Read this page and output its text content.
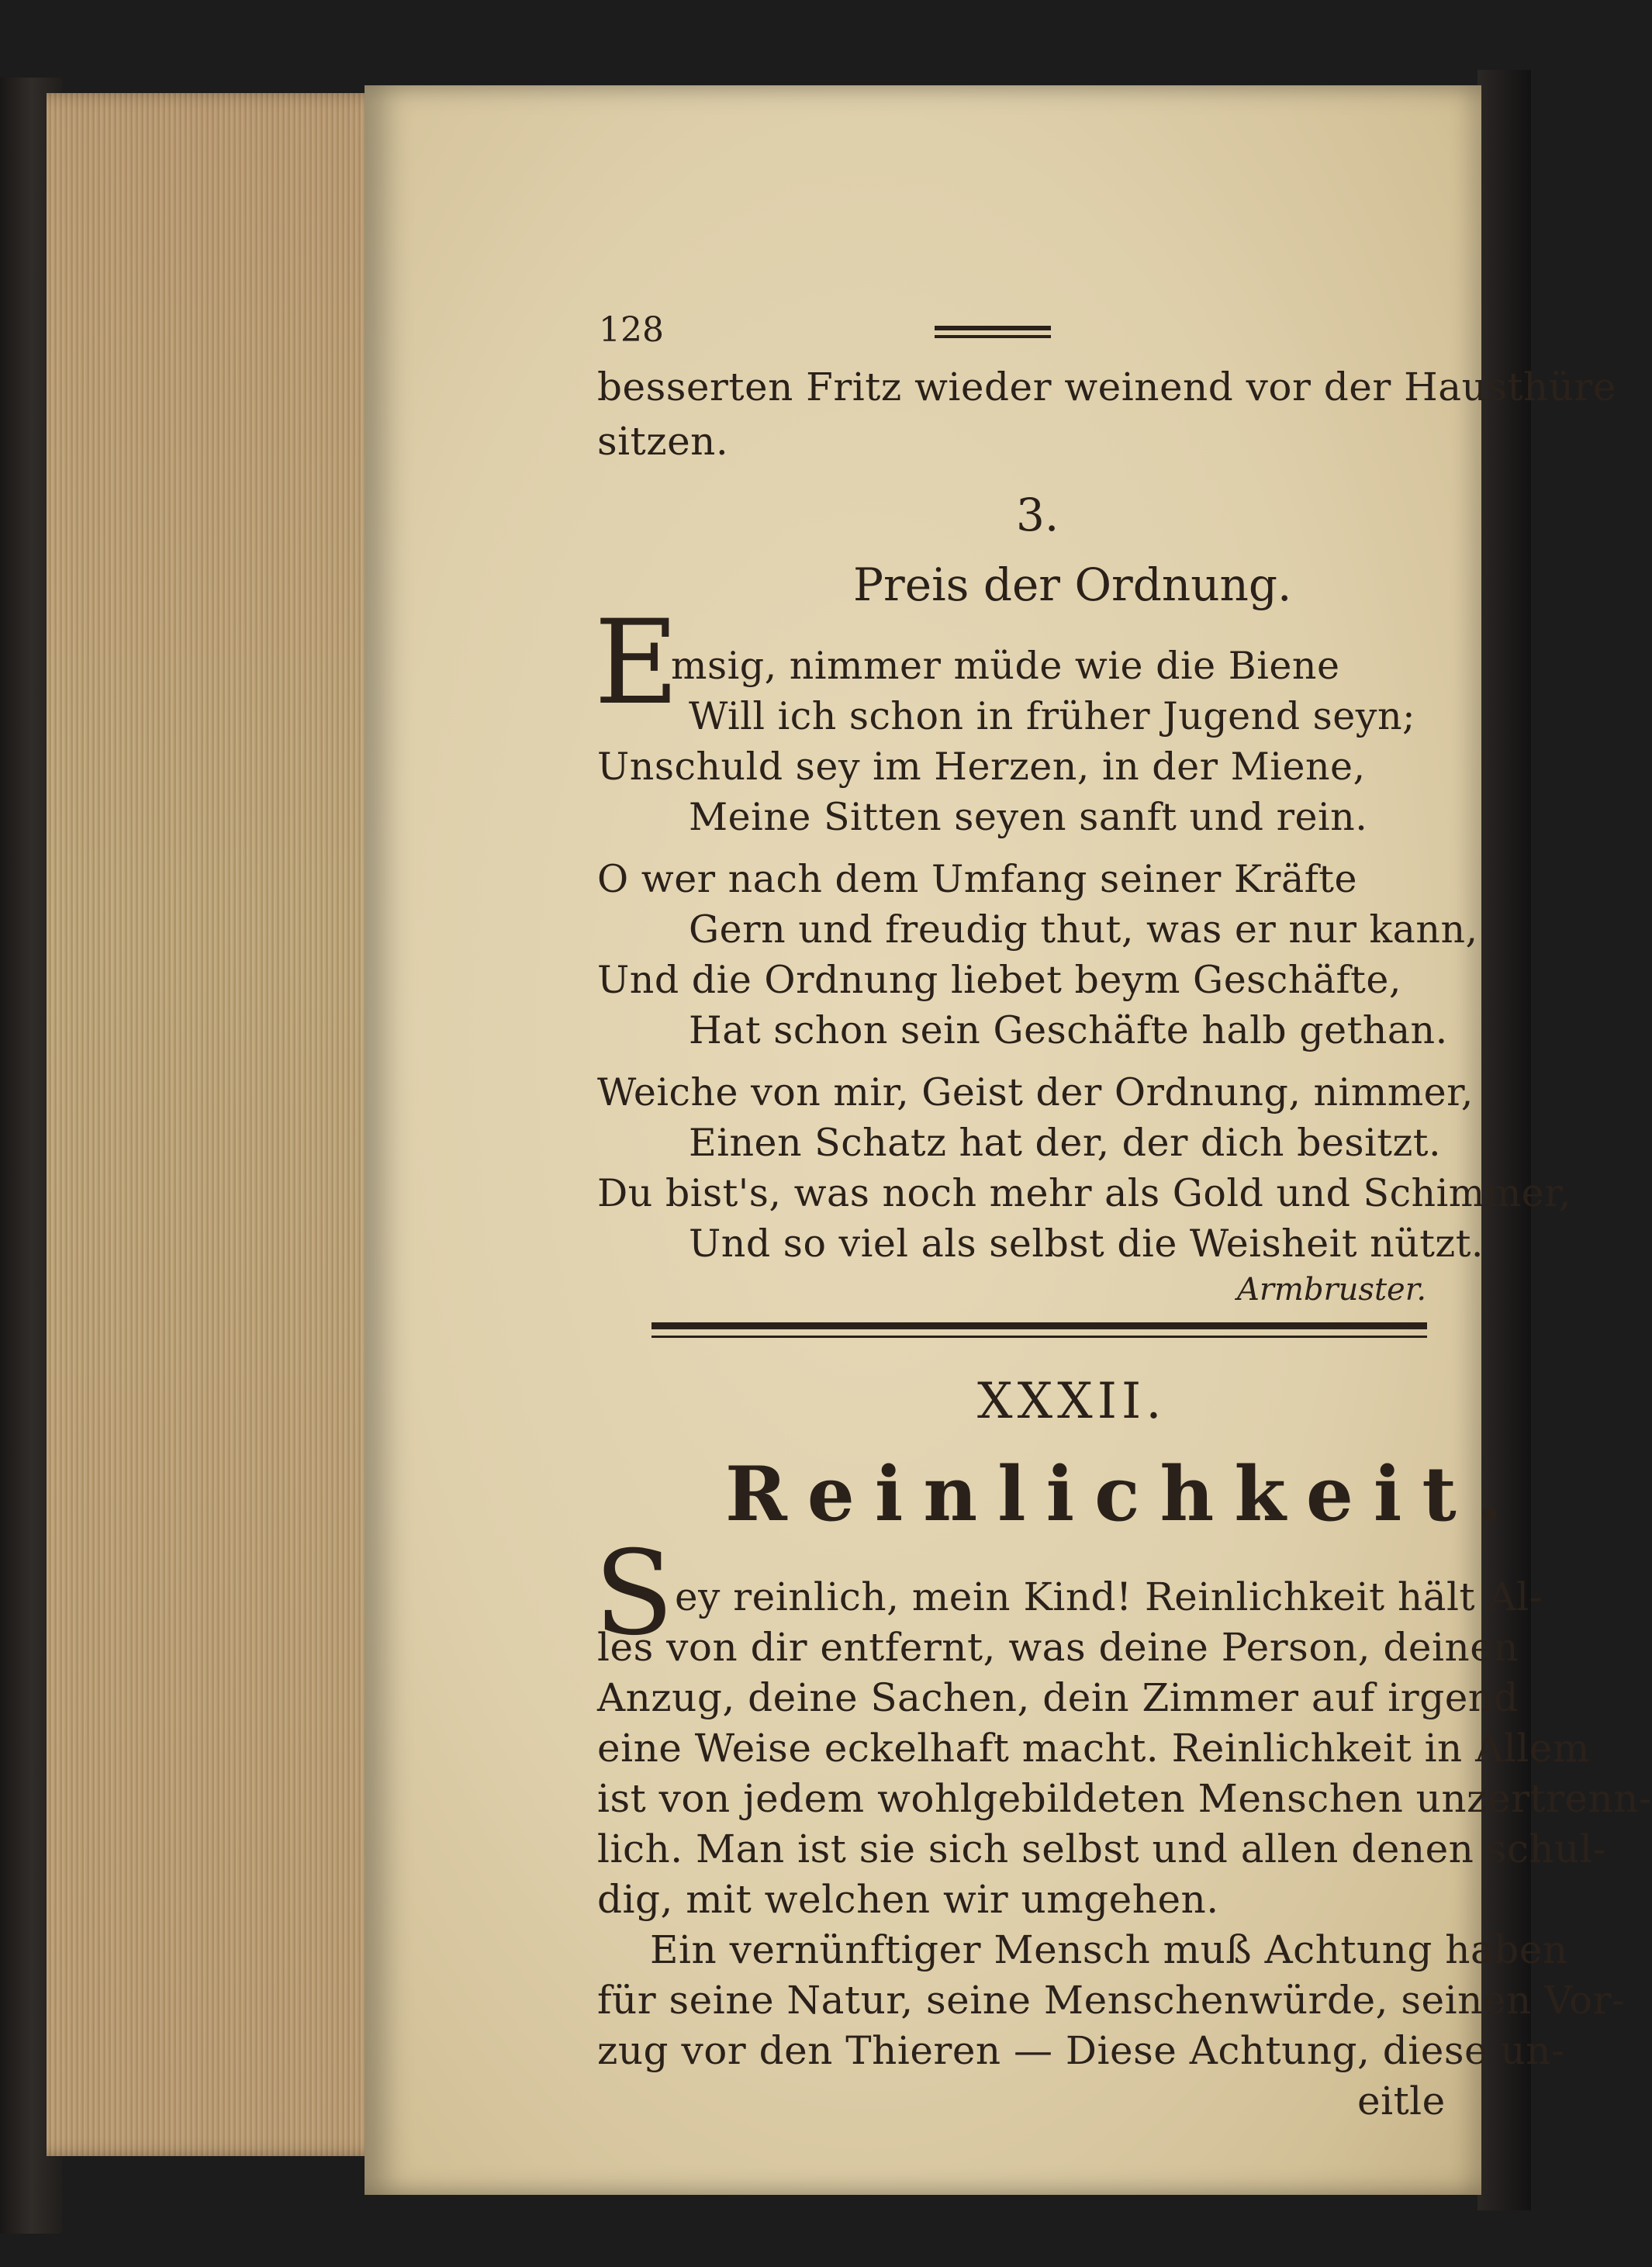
128
besserten Fritz wieder weinend vor der Hausthüre
sitzen.
3.
Preis der Ordnung.
E
msig, nimmer müde wie die Biene
Will ich schon in früher Jugend seyn;
Unschuld sey im Herzen, in der Miene,
Meine Sitten seyen sanft und rein.
O wer nach dem Umfang seiner Kräfte
Gern und freudig thut, was er nur kann,
Und die Ordnung liebet beym Geschäfte,
Hat schon sein Geschäfte halb gethan.
Weiche von mir, Geist der Ordnung, nimmer,
Einen Schatz hat der, der dich besitzt.
Du bist's, was noch mehr als Gold und Schimmer,
Und so viel als selbst die Weisheit nützt.
Armbruster.
XXXII.
Reinlichkeit.
S ey reinlich, mein Kind! Reinlichkeit hält Al-
les von dir entfernt, was deine Person, deinen
Anzug, deine Sachen, dein Zimmer auf irgend
eine Weise eckelhaft macht. Reinlichkeit in Allem
ist von jedem wohlgebildeten Menschen unzertrenn-
lich. Man ist sie sich selbst und allen denen schul-
dig, mit welchen wir umgehen.
Ein vernünftiger Mensch muß Achtung haben
für seine Natur, seine Menschenwürde, seinen Vor-
zug vor den Thieren — Diese Achtung, diese un-
eitle
